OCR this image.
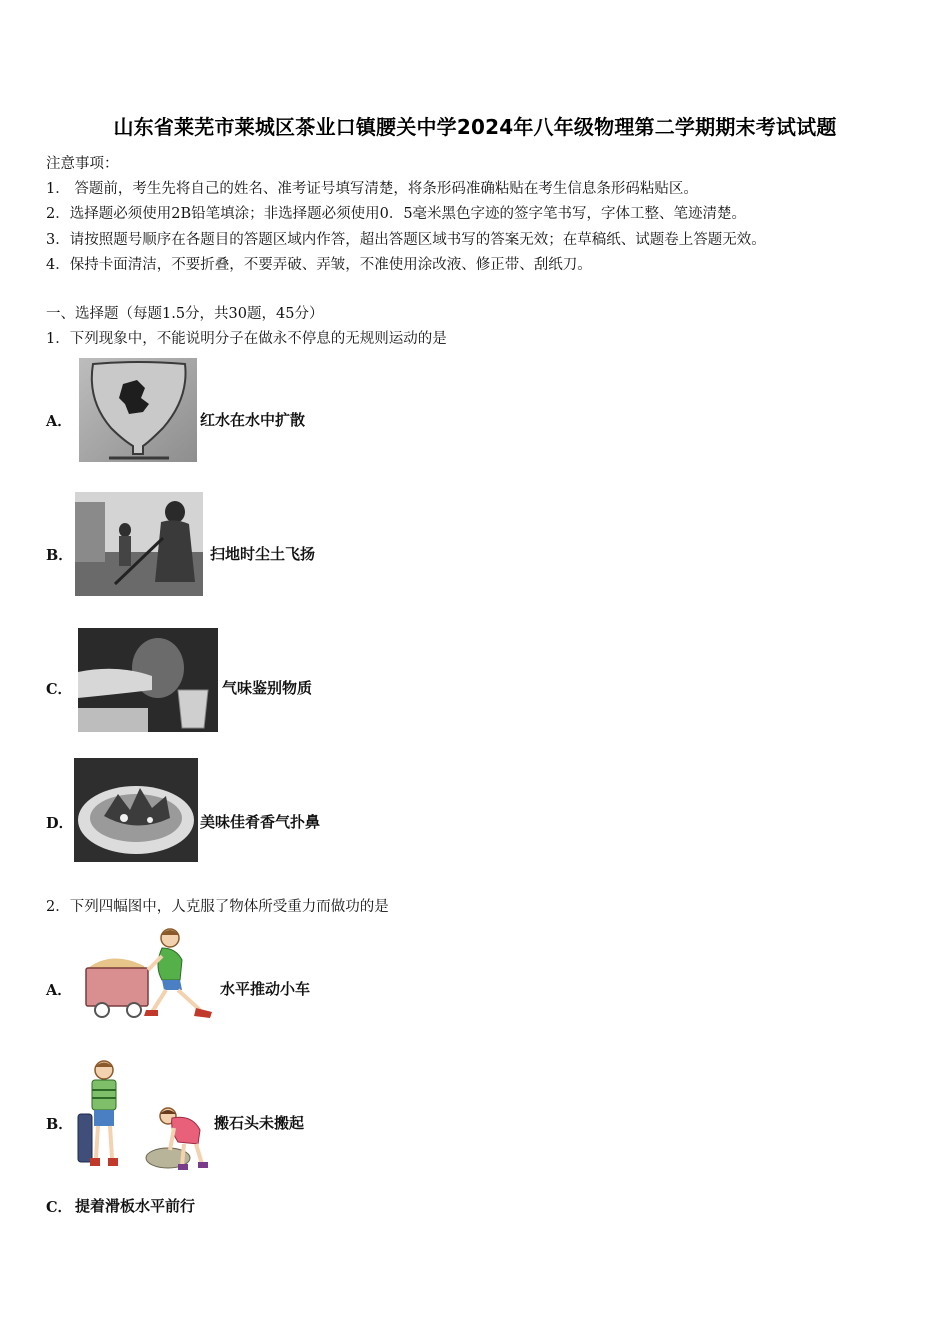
山东省莱芜市莱城区茶业口镇腰关中学2024年八年级物理第二学期期末考试试题
注意事项：
1． 答题前，考生先将自己的姓名、准考证号填写清楚，将条形码准确粘贴在考生信息条形码粘贴区。
2．选择题必须使用2B铅笔填涂；非选择题必须使用0．5毫米黑色字迹的签字笔书写，字体工整、笔迹清楚。
3．请按照题号顺序在各题目的答题区域内作答，超出答题区域书写的答案无效；在草稿纸、试题卷上答题无效。
4．保持卡面清洁，不要折叠，不要弄破、弄皱，不准使用涂改液、修正带、刮纸刀。
一、选择题（每题1.5分，共30题，45分）
1．下列现象中，不能说明分子在做永不停息的无规则运动的是
A．	红水在水中扩散
B．	扫地时尘土飞扬
C．	气味鉴别物质
D．	美味佳肴香气扑鼻
2．下列四幅图中，人克服了物体所受重力而做功的是
A．	水平推动小车
B．	搬石头未搬起
C． 提着滑板水平前行
